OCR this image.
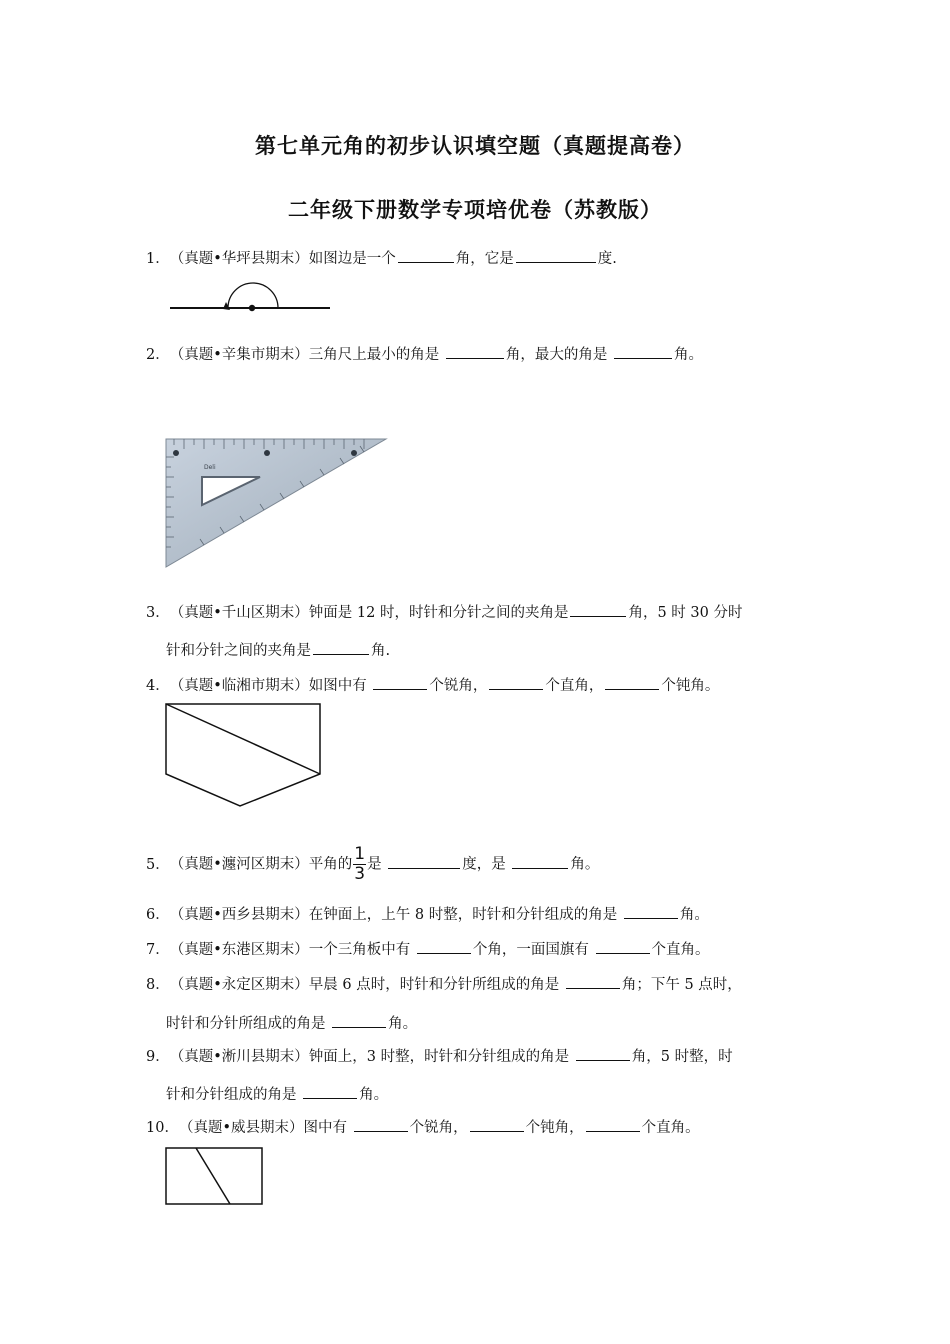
第七单元角的初步认识填空题（真题提高卷）
二年级下册数学专项培优卷（苏教版）
1．（真题•华坪县期末）如图边是一个	角，它是	度.
2．（真题•辛集市期末）三角尺上最小的角是	角，最大的角是	角。
Deli
3．（真题•千山区期末）钟面是 12 时，时针和分针之间的夹角是	角，5 时 30 分时
针和分针之间的夹角是	角.
4．（真题•临湘市期末）如图中有	个锐角，	个直角，	个钝角。
5．（真题•瀍河区期末）平角的 $\frac{1}{3}$ 是	度，是	角。
6．（真题•西乡县期末）在钟面上，上午 8 时整，时针和分针组成的角是	角。
7．（真题•东港区期末）一个三角板中有	个角，一面国旗有	个直角。
8．（真题•永定区期末）早晨 6 点时，时针和分针所组成的角是	角；下午 5 点时，
时针和分针所组成的角是	角。
9．（真题•淅川县期末）钟面上，3 时整，时针和分针组成的角是	角，5 时整，时
针和分针组成的角是	角。
10．（真题•威县期末）图中有	个锐角，	个钝角，	个直角。
